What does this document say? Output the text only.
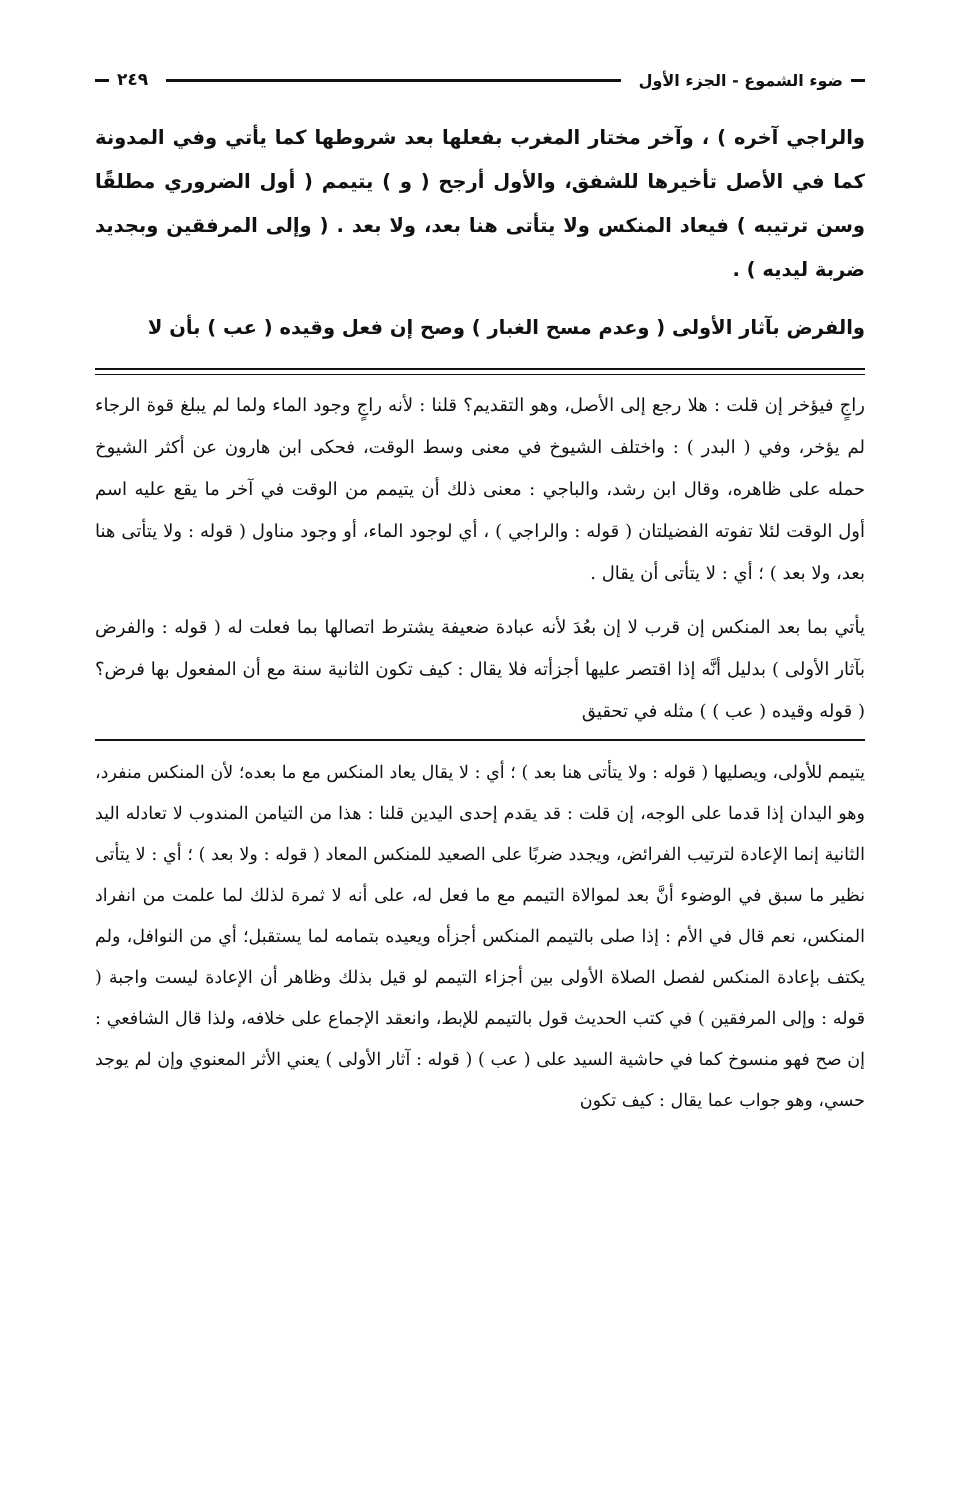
ضوء الشموع - الجزء الأول
٢٤٩

والراجي آخره ) ، وآخر مختار المغرب بفعلها بعد شروطها كما يأتي وفي المدونة كما في الأصل تأخيرها للشفق، والأول أرجح ( و ) يتيمم ( أول الضروري مطلقًا وسن ترتيبه ) فيعاد المنكس ولا يتأتى هنا بعد، ولا بعد . ( وإلى المرفقين وبجديد ضربة ليديه ) .

والفرض بآثار الأولى ( وعدم مسح الغبار ) وصح إن فعل وقيده ( عب ) بأن لا

راجٍ فيؤخر إن قلت : هلا رجع إلى الأصل، وهو التقديم؟ قلنا : لأنه راجٍ وجود الماء ولما لم يبلغ قوة الرجاء لم يؤخر، وفي ( البدر ) : واختلف الشيوخ في معنى وسط الوقت، فحكى ابن هارون عن أكثر الشيوخ حمله على ظاهره، وقال ابن رشد، والباجي : معنى ذلك أن يتيمم من الوقت في آخر ما يقع عليه اسم أول الوقت لئلا تفوته الفضيلتان ( قوله : والراجي ) ، أي لوجود الماء، أو وجود مناول ( قوله : ولا يتأتى هنا بعد، ولا بعد ) ؛ أي : لا يتأتى أن يقال .

يأتي بما بعد المنكس إن قرب لا إن بعُدَ لأنه عبادة ضعيفة يشترط اتصالها بما فعلت له ( قوله : والفرض بآثار الأولى ) بدليل أنَّه إذا اقتصر عليها أجزأته فلا يقال : كيف تكون الثانية سنة مع أن المفعول بها فرض؟ ( قوله وقيده ( عب ) ) مثله في تحقيق

يتيمم للأولى، ويصليها ( قوله : ولا يتأتى هنا بعد ) ؛ أي : لا يقال يعاد المنكس مع ما بعده؛ لأن المنكس منفرد، وهو اليدان إذا قدما على الوجه، إن قلت : قد يقدم إحدى اليدين قلنا : هذا من التيامن المندوب لا تعادله اليد الثانية إنما الإعادة لترتيب الفرائض، ويجدد ضربًا على الصعيد للمنكس المعاد ( قوله : ولا بعد ) ؛ أي : لا يتأتى نظير ما سبق في الوضوء أنَّ بعد لموالاة التيمم مع ما فعل له، على أنه لا ثمرة لذلك لما علمت من انفراد المنكس، نعم قال في الأم : إذا صلى بالتيمم المنكس أجزأه ويعيده بتمامه لما يستقبل؛ أي من النوافل، ولم يكتف بإعادة المنكس لفصل الصلاة الأولى بين أجزاء التيمم لو قيل بذلك وظاهر أن الإعادة ليست واجبة ( قوله : وإلى المرفقين ) في كتب الحديث قول بالتيمم للإبط، وانعقد الإجماع على خلافه، ولذا قال الشافعي : إن صح فهو منسوخ كما في حاشية السيد على ( عب ) ( قوله : آثار الأولى ) يعني الأثر المعنوي وإن لم يوجد حسي، وهو جواب عما يقال : كيف تكون
